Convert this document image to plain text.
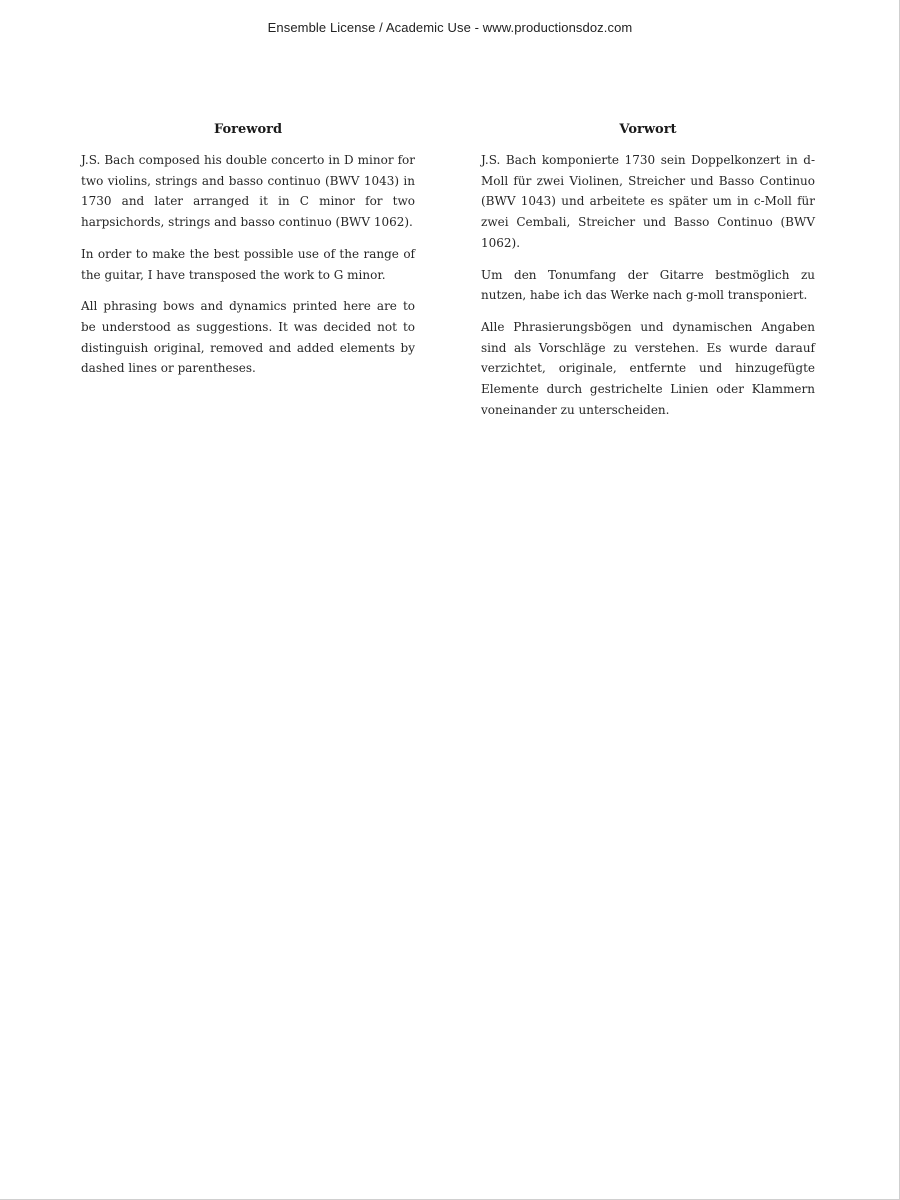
Ensemble License / Academic Use - www.productionsdoz.com
Foreword

J.S. Bach composed his double concerto in D minor for two violins, strings and basso continuo (BWV 1043) in 1730 and later arranged it in C minor for two harpsichords, strings and basso continuo (BWV 1062).

In order to make the best possible use of the range of the guitar, I have transposed the work to G minor.

All phrasing bows and dynamics printed here are to be understood as suggestions. It was decided not to distinguish original, removed and added elements by dashed lines or parentheses.

Vorwort

J.S. Bach komponierte 1730 sein Doppelkonzert in d-Moll für zwei Violinen, Streicher und Basso Continuo (BWV 1043) und arbeitete es später um in c-Moll für zwei Cembali, Streicher und Basso Continuo (BWV 1062).

Um den Tonumfang der Gitarre bestmöglich zu nutzen, habe ich das Werke nach g-moll transponiert.

Alle Phrasierungsbögen und dynamischen Angaben sind als Vorschläge zu verstehen. Es wurde darauf verzichtet, originale, entfernte und hinzugefügte Elemente durch gestrichelte Linien oder Klammern voneinander zu unterscheiden.
